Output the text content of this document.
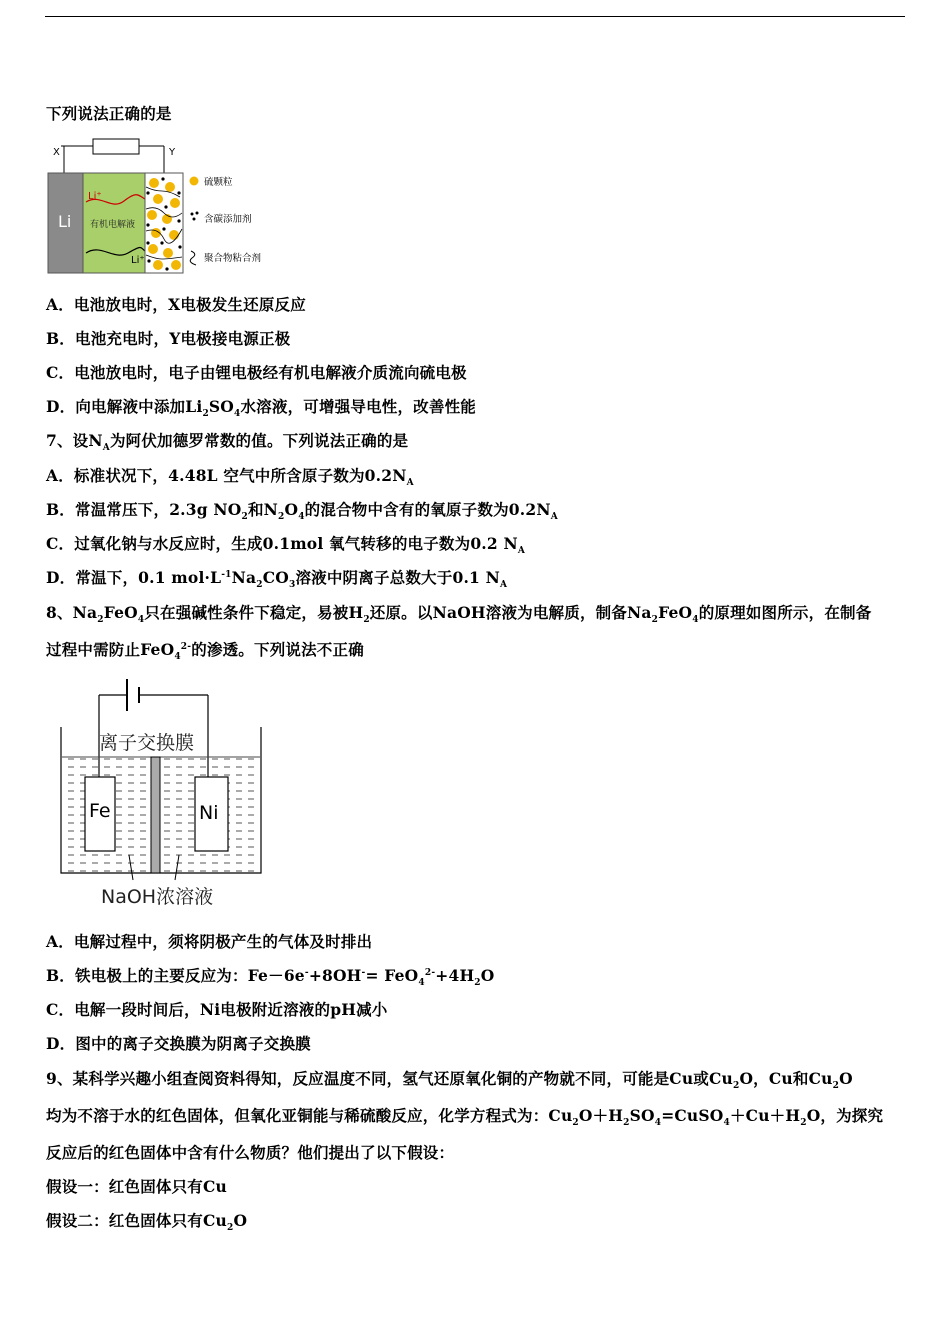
下列说法正确的是
X	Y
Li 有机电解液
Li⁺
Li⁺
硫颗粒
含碳添加剂
聚合物粘合剂
A．电池放电时，X电极发生还原反应
B．电池充电时，Y电极接电源正极
C．电池放电时，电子由锂电极经有机电解液介质流向硫电极
D．向电解液中添加$Li_2SO_4$水溶液，可增强导电性，改善性能
7、设$N_A$为阿伏加德罗常数的值。下列说法正确的是
A．标准状况下，4.48L 空气中所含原子数为$0.2N_A$
B．常温常压下，2.3g $NO_2$和$N_2O_4$的混合物中含有的氧原子数为$0.2N_A$
C．过氧化钠与水反应时，生成0.1mol 氧气转移的电子数为0.2 $N_A$
D．常温下，0.1 $mol\cdot L^{-1}Na_2CO_3$溶液中阴离子总数大于0.1 $N_A$
8、$Na_2FeO_4$只在强碱性条件下稳定，易被$H_2$还原。以NaOH溶液为电解质，制备$Na_2FeO_4$的原理如图所示，在制备
过程中需防止FeO$_4^{2-}$的渗透。下列说法不正确
离子交换膜
Fe	Ni
NaOH浓溶液
A．电解过程中，须将阴极产生的气体及时排出
B．铁电极上的主要反应为：$Fe-6e^-+8OH^-= FeO_4^{2-}+4H_2O$
C．电解一段时间后，Ni电极附近溶液的pH减小
D．图中的离子交换膜为阴离子交换膜
9、某科学兴趣小组查阅资料得知，反应温度不同，氢气还原氧化铜的产物就不同，可能是Cu或$Cu_2O$，Cu和$Cu_2O$
均为不溶于水的红色固体，但氧化亚铜能与稀硫酸反应，化学方程式为：$Cu_2O+H_2SO_4=CuSO_4+Cu+H_2O$，为探究
反应后的红色固体中含有什么物质？他们提出了以下假设：
假设一：红色固体只有Cu
假设二：红色固体只有$Cu_2O$
